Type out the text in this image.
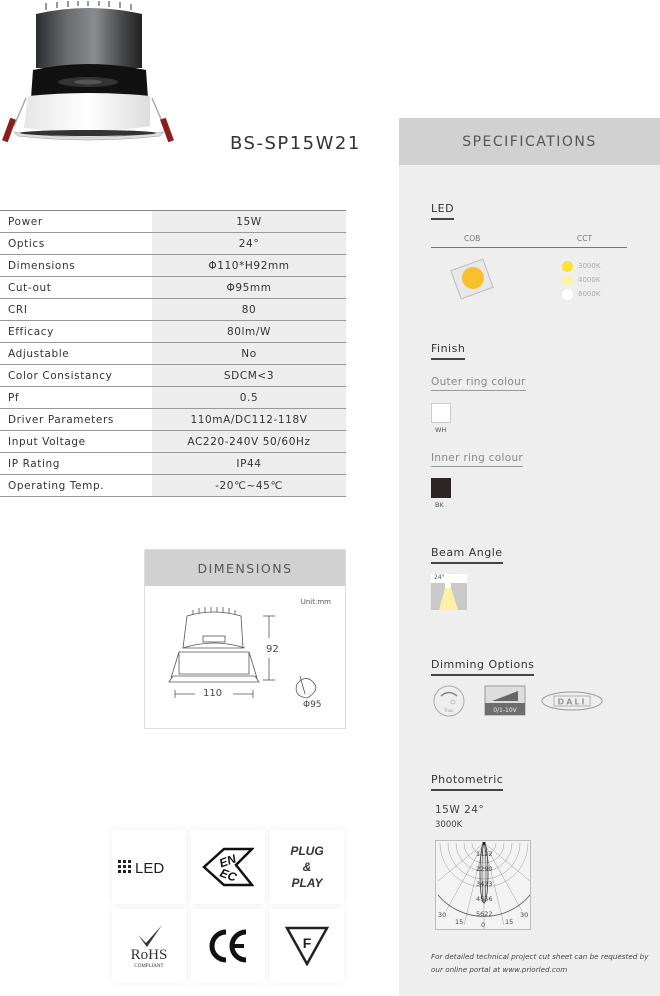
BS-SP15W21
Power	15W
Optics	24°
Dimensions	Φ110*H92mm
Cut-out	Φ95mm
CRI	80
Efficacy	80lm/W
Adjustable	No
Color Consistancy	SDCM<3
Pf	0.5
Driver Parameters	110mA/DC112-118V
Input Voltage	AC220-240V 50/60Hz
IP Rating	IP44
Operating Temp.	-20℃~45℃
DIMENSIONS
Unit:mm
92
110
Φ95
LED	EN
EC
PLUG
&
PLAY
RoHS
COMPLIANT
F
SPECIFICATIONS
LED
COB	CCT
3000K
4000K
6000K
Finish
Outer ring colour
WH
Inner ring colour
BK
Beam Angle
24°
Dimming Options
Triac	0/1-10V
DALI
Photometric
15W 24°
3000K
1122
2290
3423
4556
5622
30
15	0	15
30
For detailed technical project cut sheet can be requested by our online portal at www.priorled.com
